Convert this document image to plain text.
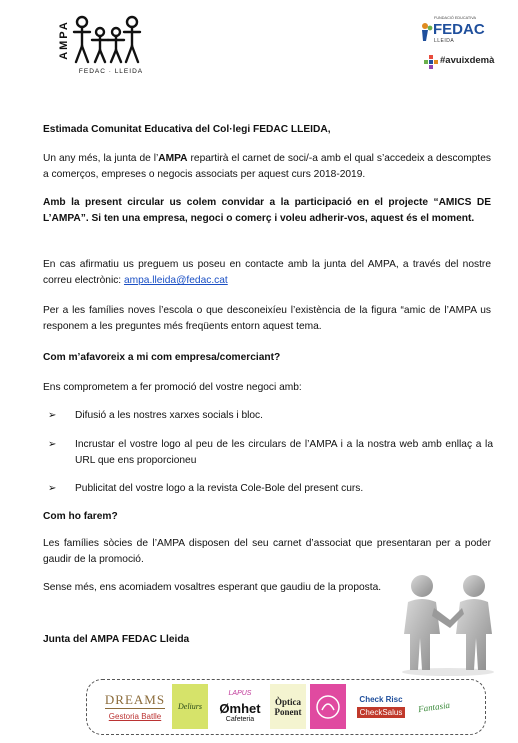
AMPA
FEDAC · LLEIDA
FUNDACIÓ EDUCATIVA
FEDAC
LLEIDA
#avuixdemà

Estimada Comunitat Educativa del Col·legi FEDAC LLEIDA,

Un any més, la junta de l’AMPA repartirà el carnet de soci/-a amb el qual s’accedeix a descomptes a comerços, empreses o negocis associats per aquest curs 2018-2019.

Amb la present circular us colem convidar a la participació en el projecte “AMICS DE L’AMPA”. Si ten una empresa, negoci o comerç i voleu adherir-vos, aquest és el moment.

En cas afirmatiu us preguem us poseu en contacte amb la junta del AMPA, a través del nostre correu electrònic: ampa.lleida@fedac.cat

Per a les famílies noves l’escola o que desconeixíeu l’existència de la figura “amic de l’AMPA us responem a les preguntes més freqüents entorn aquest tema.

Com m’afavoreix a mi com empresa/comerciant?

Ens comprometem a fer promoció del vostre negoci amb:

➢ Difusió a les nostres xarxes socials i bloc.

➢ Incrustar el vostre logo al peu de les circulars de l’AMPA i a la nostra web amb enllaç a la URL que ens proporcioneu

➢ Publicitat del vostre logo a la revista Cole-Bole del present curs.

Com ho farem?

Les famílies sòcies de l’AMPA disposen del seu carnet d’associat que presentaran per a poder gaudir de la promoció.

Sense més, ens acomiadem vosaltres esperant que gaudiu de la proposta.

Junta del AMPA FEDAC Lleida

DREAMS
Gestoria Batlle
Deliurs
LAPUS
Ømhet
Cafeteria
Òptica Ponent
Check Risc
CheckSalus	Fantasia
